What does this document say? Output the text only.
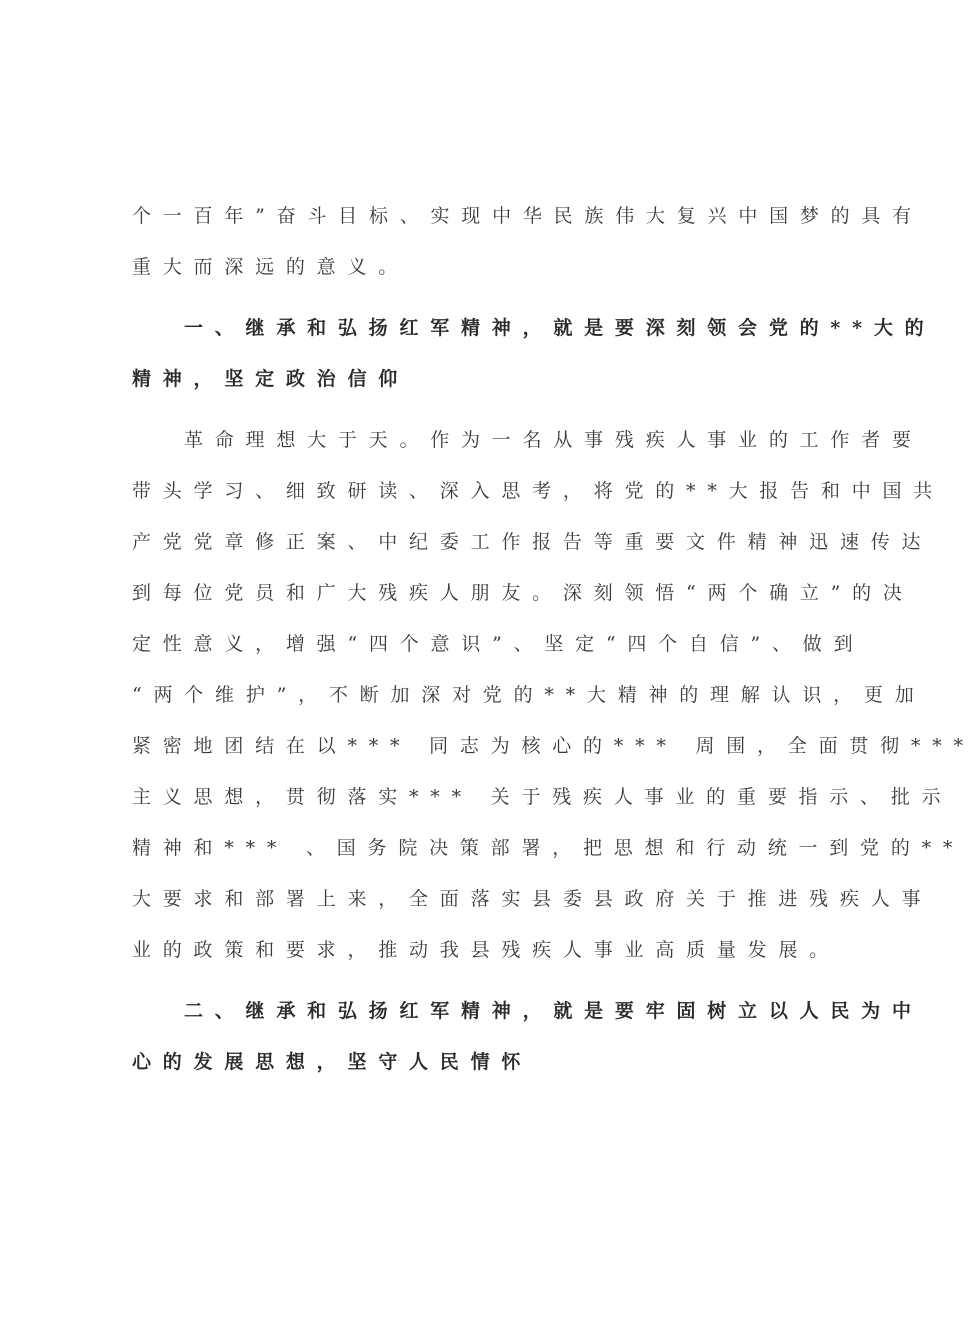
个一百年”奋斗目标、实现中华民族伟大复兴中国梦的具有
重大而深远的意义。
一、继承和弘扬红军精神，就是要深刻领会党的**大的
精神，坚定政治信仰
革命理想大于天。作为一名从事残疾人事业的工作者要
带头学习、细致研读、深入思考，将党的**大报告和中国共
产党党章修正案、中纪委工作报告等重要文件精神迅速传达
到每位党员和广大残疾人朋友。深刻领悟“两个确立”的决
定性意义，增强“四个意识”、坚定“四个自信”、做到
“两个维护”，不断加深对党的**大精神的理解认识，更加
紧密地团结在以*** 同志为核心的*** 周围，全面贯彻***
主义思想，贯彻落实*** 关于残疾人事业的重要指示、批示
精神和*** 、国务院决策部署，把思想和行动统一到党的**
大要求和部署上来，全面落实县委县政府关于推进残疾人事
业的政策和要求，推动我县残疾人事业高质量发展。
二、继承和弘扬红军精神，就是要牢固树立以人民为中
心的发展思想，坚守人民情怀
